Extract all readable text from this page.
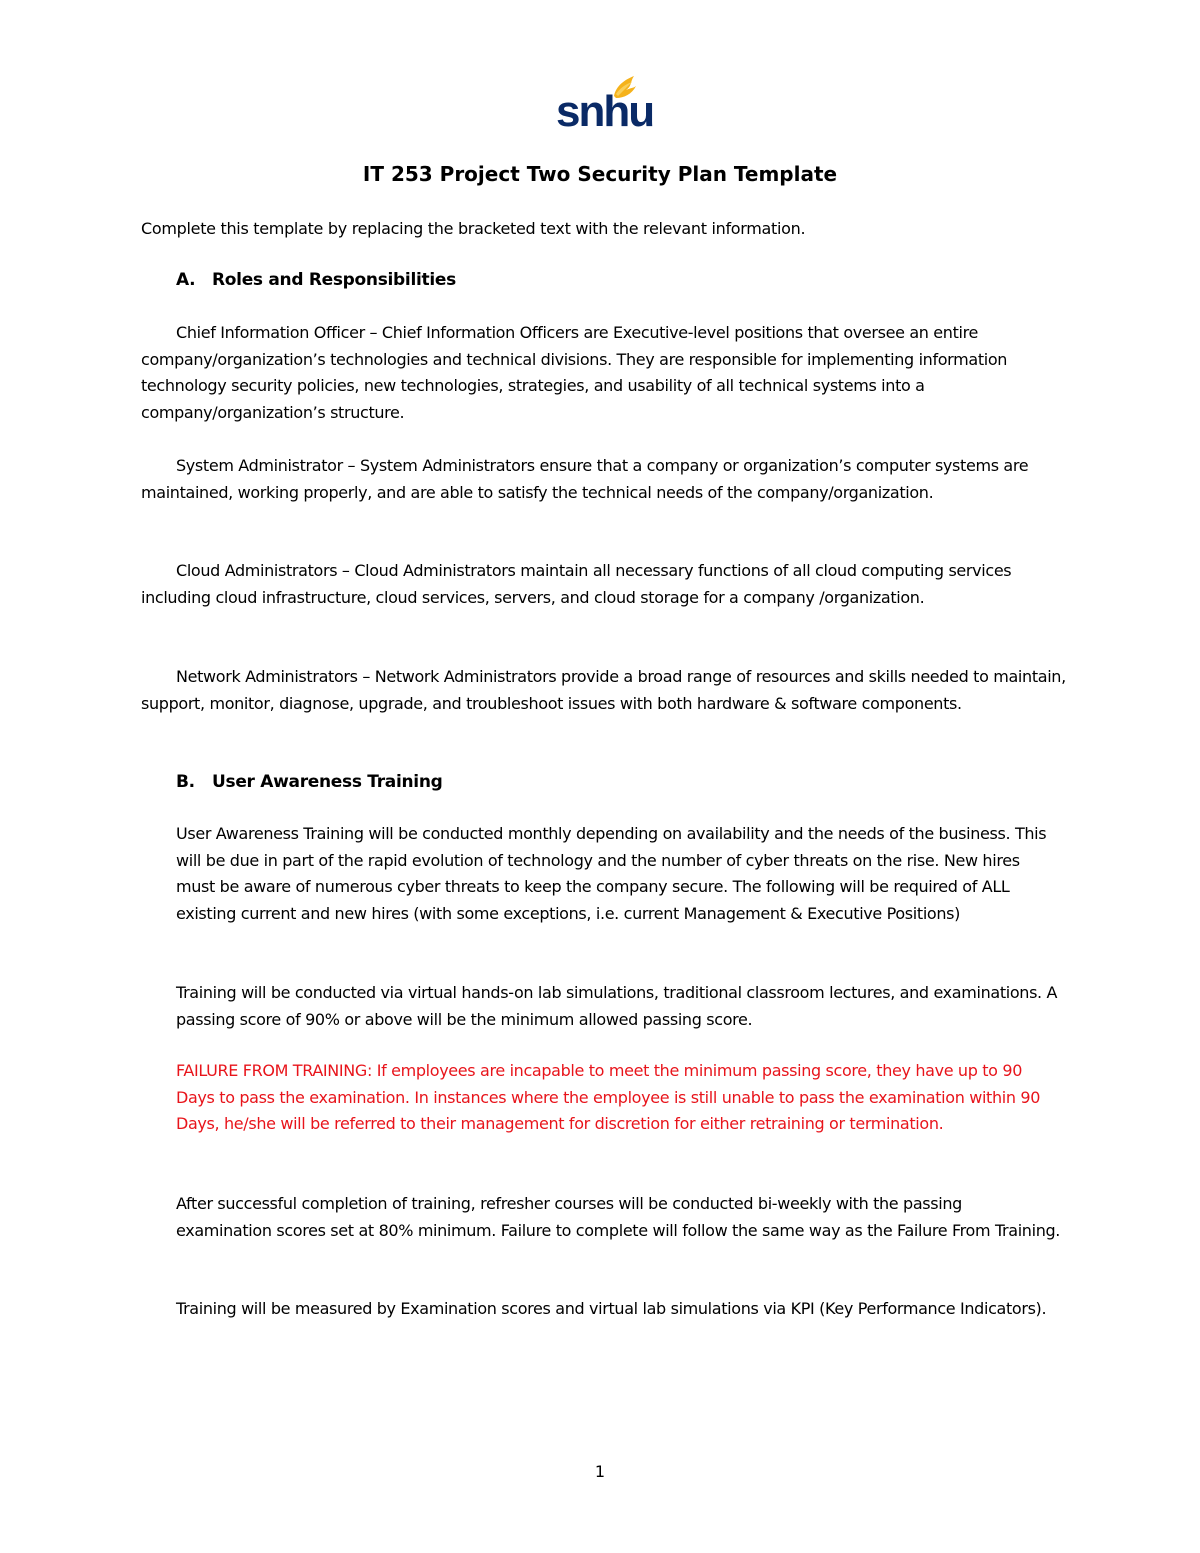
snhu
IT 253 Project Two Security Plan Template
Complete this template by replacing the bracketed text with the relevant information.
A. Roles and Responsibilities
Chief Information Officer – Chief Information Officers are Executive-level positions that oversee an entire company/organization’s technologies and technical divisions. They are responsible for implementing information technology security policies, new technologies, strategies, and usability of all technical systems into a company/organization’s structure.
System Administrator – System Administrators ensure that a company or organization’s computer systems are maintained, working properly, and are able to satisfy the technical needs of the company/organization.
Cloud Administrators – Cloud Administrators maintain all necessary functions of all cloud computing services including cloud infrastructure, cloud services, servers, and cloud storage for a company /organization.
Network Administrators – Network Administrators provide a broad range of resources and skills needed to maintain, support, monitor, diagnose, upgrade, and troubleshoot issues with both hardware & software components.
B. User Awareness Training
User Awareness Training will be conducted monthly depending on availability and the needs of the business. This will be due in part of the rapid evolution of technology and the number of cyber threats on the rise. New hires must be aware of numerous cyber threats to keep the company secure. The following will be required of ALL existing current and new hires (with some exceptions, i.e. current Management & Executive Positions)
Training will be conducted via virtual hands-on lab simulations, traditional classroom lectures, and examinations. A passing score of 90% or above will be the minimum allowed passing score.
FAILURE FROM TRAINING: If employees are incapable to meet the minimum passing score, they have up to 90 Days to pass the examination. In instances where the employee is still unable to pass the examination within 90 Days, he/she will be referred to their management for discretion for either retraining or termination.
After successful completion of training, refresher courses will be conducted bi-weekly with the passing examination scores set at 80% minimum. Failure to complete will follow the same way as the Failure From Training.
Training will be measured by Examination scores and virtual lab simulations via KPI (Key Performance Indicators).
1
